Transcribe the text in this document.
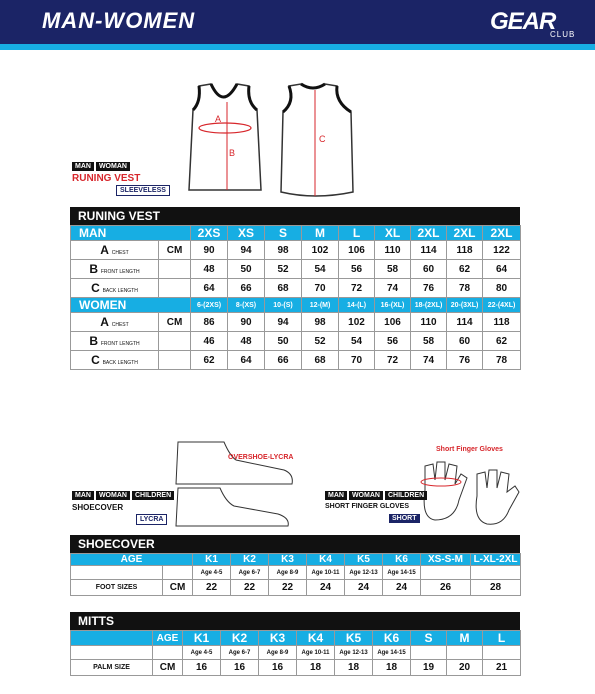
MAN-WOMEN	GEAR
CLUB
A
B
C
MAN	WOMAN
RUNING VEST
SLEEVELESS
RUNING VEST
MAN		2XS	XS	S	M	L	XL	2XL	2XL	2XL
A CHEST	CM	90	94	98	102	106	110	114	118	122
B FRONT LENGTH		48	50	52	54	56	58	60	62	64
C BACK LENGTH		64	66	68	70	72	74	76	78	80
WOMEN		6-(2XS)	8-(XS)	10-(S)	12-(M)	14-(L)	16-(XL)	18-(2XL)	20-(3XL)	22-(4XL)
A CHEST	CM	86	90	94	98	102	106	110	114	118
B FRONT LENGTH		46	48	50	52	54	56	58	60	62
C BACK LENGTH		62	64	66	68	70	72	74	76	78
OVERSHOE-LYCRA
MAN	WOMAN	CHILDREN
SHOECOVER
LYCRA
Short Finger Gloves
MAN	WOMAN	CHILDREN
SHORT FINGER GLOVES
SHORT
SHOECOVER
AGE		K1	K2	K3	K4	K5	K6	XS-S-M	L-XL-2XL
		Age 4-5	Age 6-7	Age 8-9	Age 10-11	Age 12-13	Age 14-15		
FOOT SIZES	CM	22	22	22	24	24	24	26	28
MITTS
	AGE	K1	K2	K3	K4	K5	K6	S	M	L
		Age 4-5	Age 6-7	Age 8-9	Age 10-11	Age 12-13	Age 14-15			
PALM SIZE	CM	16	16	16	18	18	18	19	20	21
